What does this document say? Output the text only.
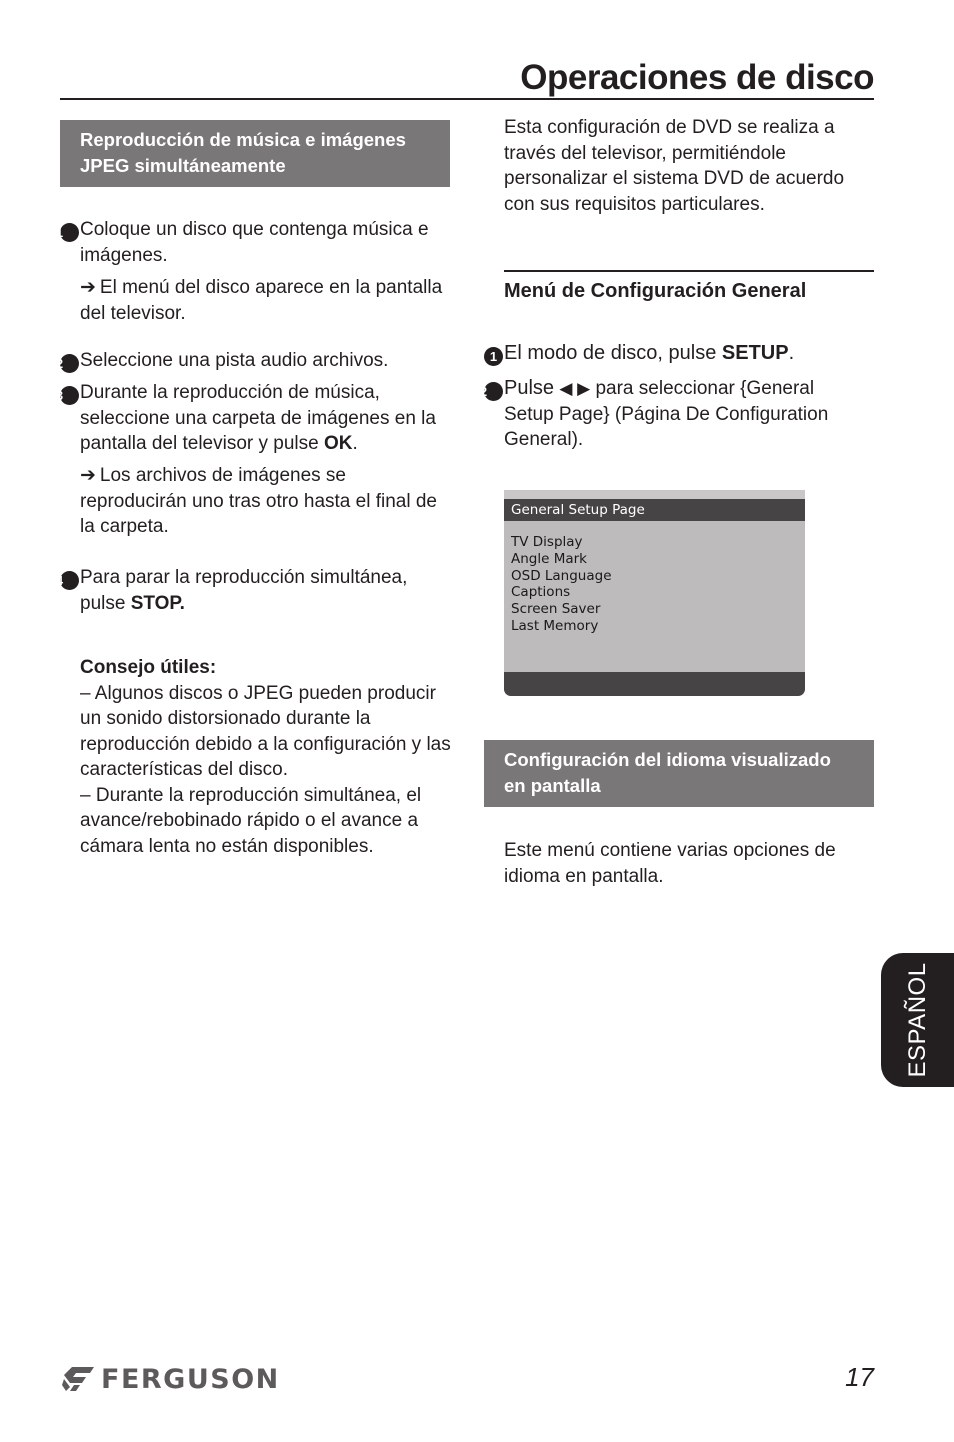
Operaciones de disco
Reproducción de música e imágenes JPEG simultáneamente
1 Coloque un disco que contenga música e imágenes.
➔ El menú del disco aparece en la pantalla del televisor.
2 Seleccione una pista audio archivos.
3 Durante la reproducción de música, seleccione una carpeta de imágenes en la pantalla del televisor y pulse OK.
➔ Los archivos de imágenes se reproducirán uno tras otro hasta el final de la carpeta.
4 Para parar la reproducción simultánea, pulse STOP.
Consejo útiles:
– Algunos discos o JPEG pueden producir un sonido distorsionado durante la reproducción debido a la configuración y las características del disco.
– Durante la reproducción simultánea, el avance/rebobinado rápido o el avance a cámara lenta no están disponibles.
Esta configuración de DVD se realiza a través del televisor, permitiéndole personalizar el sistema DVD de acuerdo con sus requisitos particulares.
Menú de Configuración General
1 El modo de disco, pulse SETUP.
2 Pulse ◀ ▶ para seleccionar {General Setup Page} (Página De Configuration General).
General Setup Page
TV Display
Angle Mark
OSD Language
Captions
Screen Saver
Last Memory
Configuración del idioma visualizado en pantalla
Este menú contiene varias opciones de idioma en pantalla.
ESPAÑOL
FERGUSON	17
